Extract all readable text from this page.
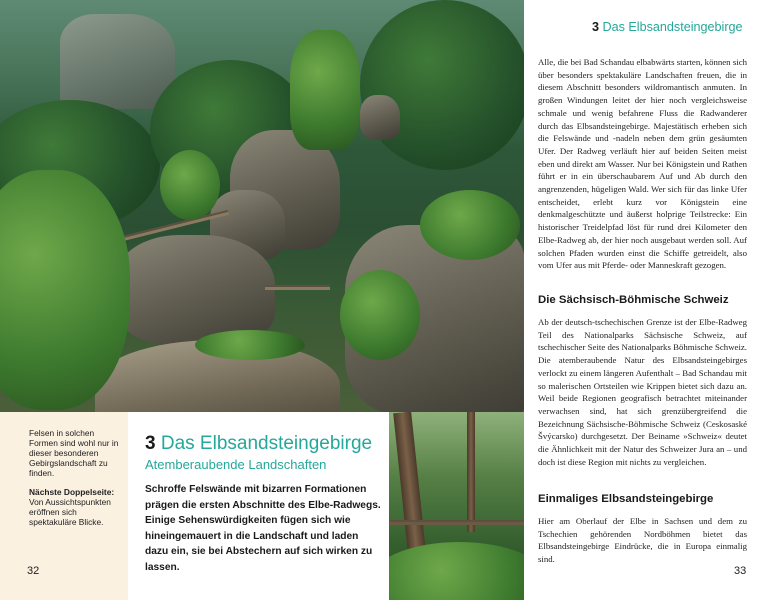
Felsen in solchen Formen sind wohl nur in dieser besonderen Gebirgslandschaft zu finden.

Nächste Doppelseite:
Von Aussichtspunkten eröffnen sich spektakuläre Blicke.

32
3 Das Elbsandsteingebirge
Atemberaubende Landschaften
Schroffe Felswände mit bizarren Formationen prägen die ersten Abschnitte des Elbe-Radwegs. Einige Sehenswürdigkeiten fügen sich wie hineingemauert in die Landschaft und laden dazu ein, sie bei Abstechern auf sich wirken zu lassen.
3 Das Elbsandsteingebirge
Alle, die bei Bad Schandau elbabwärts starten, können sich über besonders spektakuläre Landschaften freuen, die in diesem Abschnitt besonders wildromantisch anmuten. In großen Windungen leitet der hier noch vergleichsweise schmale und wenig befahrene Fluss die Radwanderer durch das Elbsandsteingebirge. Majestätisch erheben sich die Felswände und -nadeln neben dem grün gesäumten Ufer. Der Radweg verläuft hier auf beiden Seiten meist eben und direkt am Wasser. Nur bei Königstein und Rathen führt er in ein überschaubarem Auf und Ab durch den angrenzenden, hügeligen Wald. Wer sich für das linke Ufer entscheidet, erlebt kurz vor Königstein eine denkmalgeschützte und äußerst holprige Teilstrecke: Ein historischer Treidelpfad löst für rund drei Kilometer den Elbe-Radweg ab, der hier noch ausgebaut werden soll. Auf solchen Pfaden wurden einst die Schiffe getreidelt, also vom Ufer aus mit Pferde- oder Manneskraft gezogen.
Die Sächsisch-Böhmische Schweiz
Ab der deutsch-tschechischen Grenze ist der Elbe-Radweg Teil des Nationalparks Sächsische Schweiz, auf tschechischer Seite des Nationalparks Böhmische Schweiz. Die atemberaubende Natur des Elbsandsteingebirges verlockt zu einem längeren Aufenthalt – Bad Schandau mit so malerischen Ortsteilen wie Krippen bietet sich dazu an. Weil beide Regionen geografisch betrachtet miteinander verwachsen sind, hat sich grenzübergreifend die Bezeichnung Sächsische-Böhmische Schweiz (Ceskosaské Švýcarsko) durchgesetzt. Der Beiname »Schweiz« deutet die Ähnlichkeit mit der Natur des Schweizer Jura an – und doch ist diese Region mit nichts zu vergleichen.
Einmaliges Elbsandsteingebirge
Hier am Oberlauf der Elbe in Sachsen und dem zu Tschechien gehörenden Nordböhmen bietet das Elbsandsteingebirge Eindrücke, die in Europa einmalig sind.
33
